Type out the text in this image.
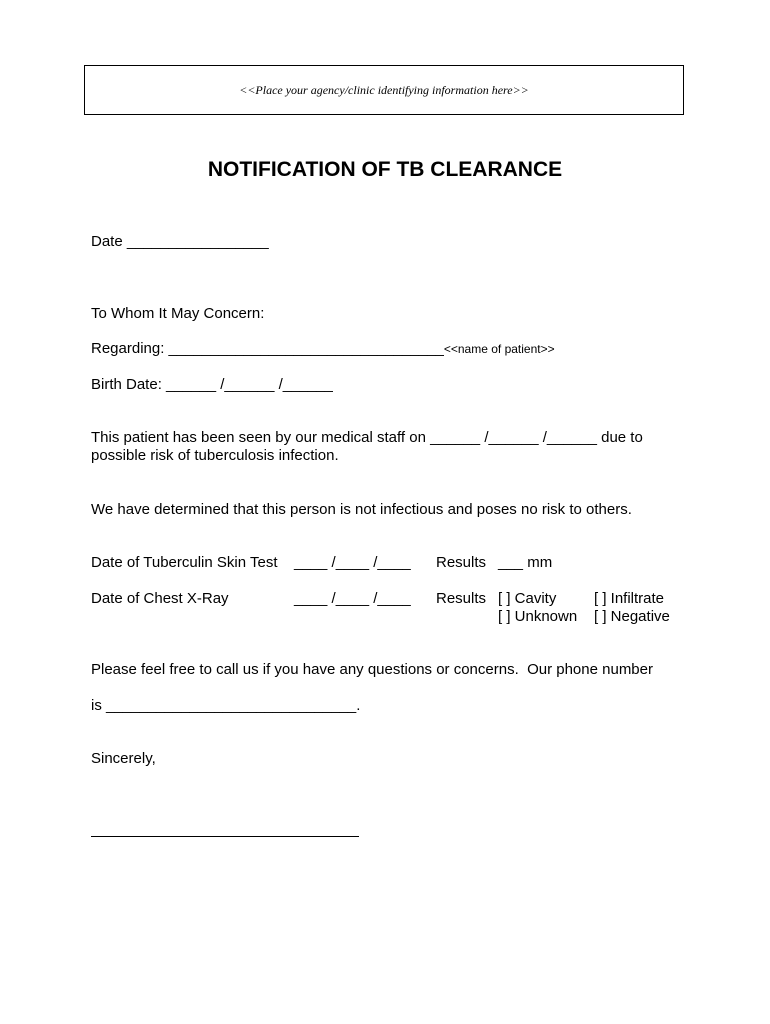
<<Place your agency/clinic identifying information here>>
NOTIFICATION OF TB CLEARANCE
Date _________________
To Whom It May Concern:
Regarding: _________________________________<<name of patient>>
Birth Date: ______ /______ /______
This patient has been seen by our medical staff on ______ /______ /______ due to
possible risk of tuberculosis infection.
We have determined that this person is not infectious and poses no risk to others.
Date of Tuberculin Skin Test ____ /____ /____ Results ___ mm
Date of Chest X-Ray	____ /____ /____ Results [ ] Cavity	[ ] Infiltrate
[ ] Unknown [ ] Negative
Please feel free to call us if you have any questions or concerns.  Our phone number
is ______________________________.
Sincerely,
